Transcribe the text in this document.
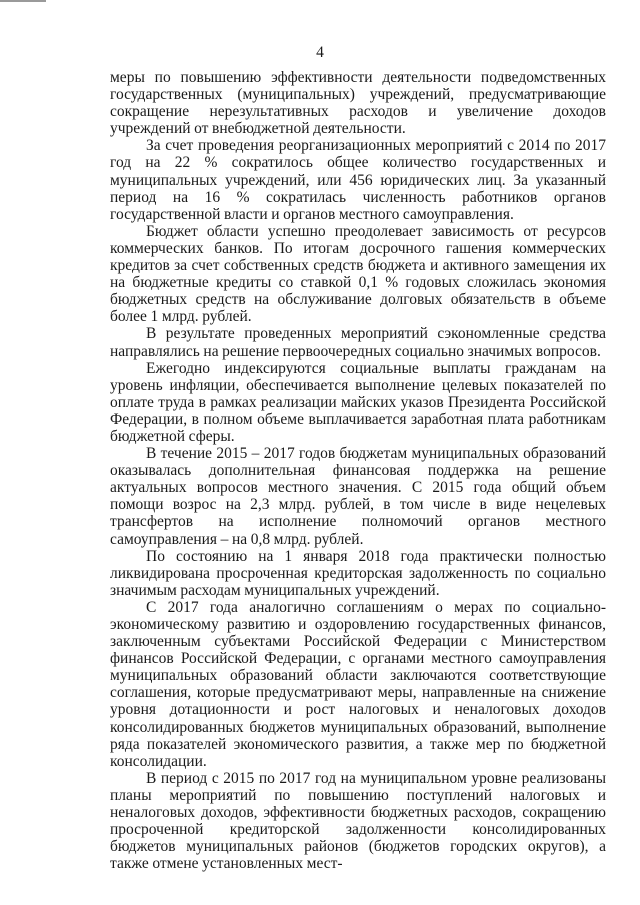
4

меры по повышению эффективности деятельности подведомственных государственных (муниципальных) учреждений, предусматривающие сокращение нерезультативных расходов и увеличение доходов учреждений от внебюджетной деятельности.

За счет проведения реорганизационных мероприятий с 2014 по 2017 год на 22 % сократилось общее количество государственных и муниципальных учреждений, или 456 юридических лиц. За указанный период на 16 % сократилась численность работников органов государственной власти и органов местного самоуправления.

Бюджет области успешно преодолевает зависимость от ресурсов коммерческих банков. По итогам досрочного гашения коммерческих кредитов за счет собственных средств бюджета и активного замещения их на бюджетные кредиты со ставкой 0,1 % годовых сложилась экономия бюджетных средств на обслуживание долговых обязательств в объеме более 1 млрд. рублей.

В результате проведенных мероприятий сэкономленные средства направлялись на решение первоочередных социально значимых вопросов.

Ежегодно индексируются социальные выплаты гражданам на уровень инфляции, обеспечивается выполнение целевых показателей по оплате труда в рамках реализации майских указов Президента Российской Федерации, в полном объеме выплачивается заработная плата работникам бюджетной сферы.

В течение 2015 – 2017 годов бюджетам муниципальных образований оказывалась дополнительная финансовая поддержка на решение актуальных вопросов местного значения. С 2015 года общий объем помощи возрос на 2,3 млрд. рублей, в том числе в виде нецелевых трансфертов на исполнение полномочий органов местного самоуправления – на 0,8 млрд. рублей.

По состоянию на 1 января 2018 года практически полностью ликвидирована просроченная кредиторская задолженность по социально значимым расходам муниципальных учреждений.

С 2017 года аналогично соглашениям о мерах по социально-экономическому развитию и оздоровлению государственных финансов, заключенным субъектами Российской Федерации с Министерством финансов Российской Федерации, с органами местного самоуправления муниципальных образований области заключаются соответствующие соглашения, которые предусматривают меры, направленные на снижение уровня дотационности и рост налоговых и неналоговых доходов консолидированных бюджетов муниципальных образований, выполнение ряда показателей экономического развития, а также мер по бюджетной консолидации.

В период с 2015 по 2017 год на муниципальном уровне реализованы планы мероприятий по повышению поступлений налоговых и неналоговых доходов, эффективности бюджетных расходов, сокращению просроченной кредиторской задолженности консолидированных бюджетов муниципальных районов (бюджетов городских округов), а также отмене установленных мест-
